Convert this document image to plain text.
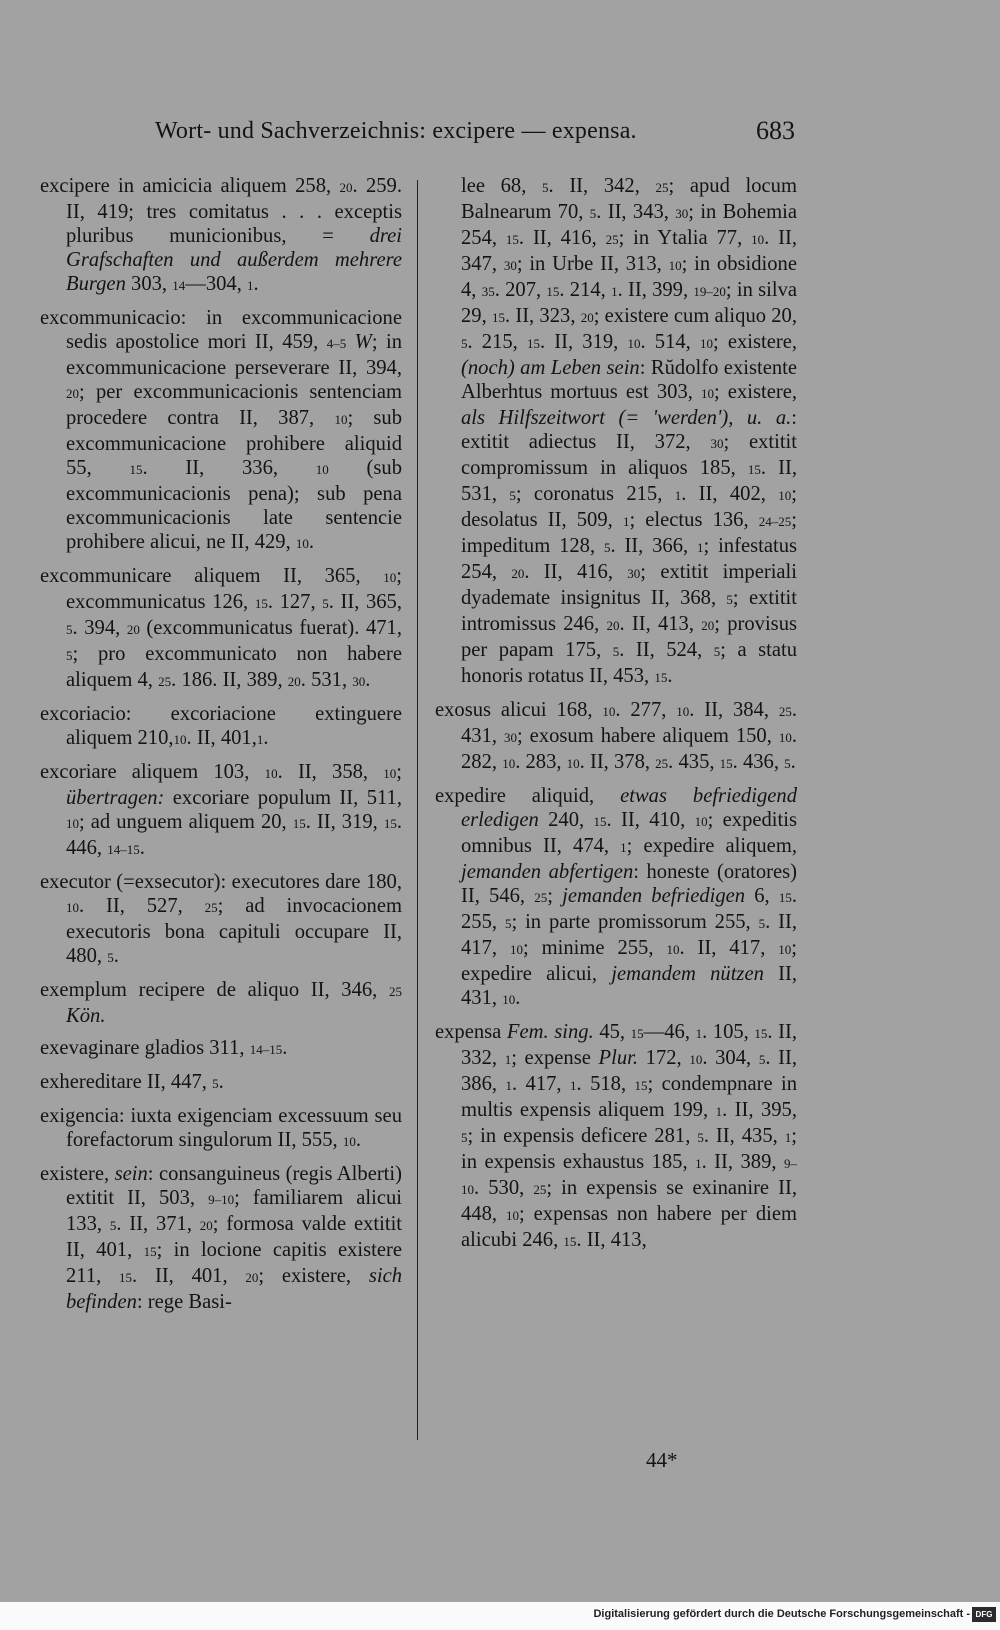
Wort- und Sachverzeichnis: excipere — expensa.	683

excipere in amicicia aliquem 258, 20. 259. II, 419; tres comitatus . . . exceptis pluribus municionibus, = drei Grafschaften und außerdem mehrere Burgen 303, 14—304, 1.

excommunicacio: in excommunicacione sedis apostolice mori II, 459, 4–5 W; in excommunicacione perseverare II, 394, 20; per excommunicacionis sentenciam procedere contra II, 387, 10; sub excommunicacione prohibere aliquid 55, 15. II, 336, 10 (sub excommunicacionis pena); sub pena excommunicacionis late sentencie prohibere alicui, ne II, 429, 10.

excommunicare aliquem II, 365, 10; excommunicatus 126, 15. 127, 5. II, 365, 5. 394, 20 (excommunicatus fuerat). 471, 5; pro excommunicato non habere aliquem 4, 25. 186. II, 389, 20. 531, 30.

excoriacio: excoriacione extinguere aliquem 210,10. II, 401,1.

excoriare aliquem 103, 10. II, 358, 10; übertragen: excoriare populum II, 511, 10; ad unguem aliquem 20, 15. II, 319, 15. 446, 14–15.

executor (=exsecutor): executores dare 180, 10. II, 527, 25; ad invocacionem executoris bona capituli occupare II, 480, 5.

exemplum recipere de aliquo II, 346, 25 Kön.

exevaginare gladios 311, 14–15.

exhereditare II, 447, 5.

exigencia: iuxta exigenciam excessuum seu forefactorum singulorum II, 555, 10.

existere, sein: consanguineus (regis Alberti) extitit II, 503, 9–10; familiarem alicui 133, 5. II, 371, 20; formosa valde extitit II, 401, 15; in locione capitis existere 211, 15. II, 401, 20; existere, sich befinden: rege Basi-

lee 68, 5. II, 342, 25; apud locum Balnearum 70, 5. II, 343, 30; in Bohemia 254, 15. II, 416, 25; in Ytalia 77, 10. II, 347, 30; in Urbe II, 313, 10; in obsidione 4, 35. 207, 15. 214, 1. II, 399, 19–20; in silva 29, 15. II, 323, 20; existere cum aliquo 20, 5. 215, 15. II, 319, 10. 514, 10; existere, (noch) am Leben sein: Rŭdolfo existente Alberhtus mortuus est 303, 10; existere, als Hilfszeitwort (= 'werden'), u. a.: extitit adiectus II, 372, 30; extitit compromissum in aliquos 185, 15. II, 531, 5; coronatus 215, 1. II, 402, 10; desolatus II, 509, 1; electus 136, 24–25; impeditum 128, 5. II, 366, 1; infestatus 254, 20. II, 416, 30; extitit imperiali dyademate insignitus II, 368, 5; extitit intromissus 246, 20. II, 413, 20; provisus per papam 175, 5. II, 524, 5; a statu honoris rotatus II, 453, 15.

exosus alicui 168, 10. 277, 10. II, 384, 25. 431, 30; exosum habere aliquem 150, 10. 282, 10. 283, 10. II, 378, 25. 435, 15. 436, 5.

expedire aliquid, etwas befriedigend erledigen 240, 15. II, 410, 10; expeditis omnibus II, 474, 1; expedire aliquem, jemanden abfertigen: honeste (oratores) II, 546, 25; jemanden befriedigen 6, 15. 255, 5; in parte promissorum 255, 5. II, 417, 10; minime 255, 10. II, 417, 10; expedire alicui, jemandem nützen II, 431, 10.

expensa Fem. sing. 45, 15—46, 1. 105, 15. II, 332, 1; expense Plur. 172, 10. 304, 5. II, 386, 1. 417, 1. 518, 15; condempnare in multis expensis aliquem 199, 1. II, 395, 5; in expensis deficere 281, 5. II, 435, 1; in expensis exhaustus 185, 1. II, 389, 9–10. 530, 25; in expensis se exinanire II, 448, 10; expensas non habere per diem alicubi 246, 15. II, 413,

44*
Digitalisierung gefördert durch die Deutsche Forschungsgemeinschaft - DFG
